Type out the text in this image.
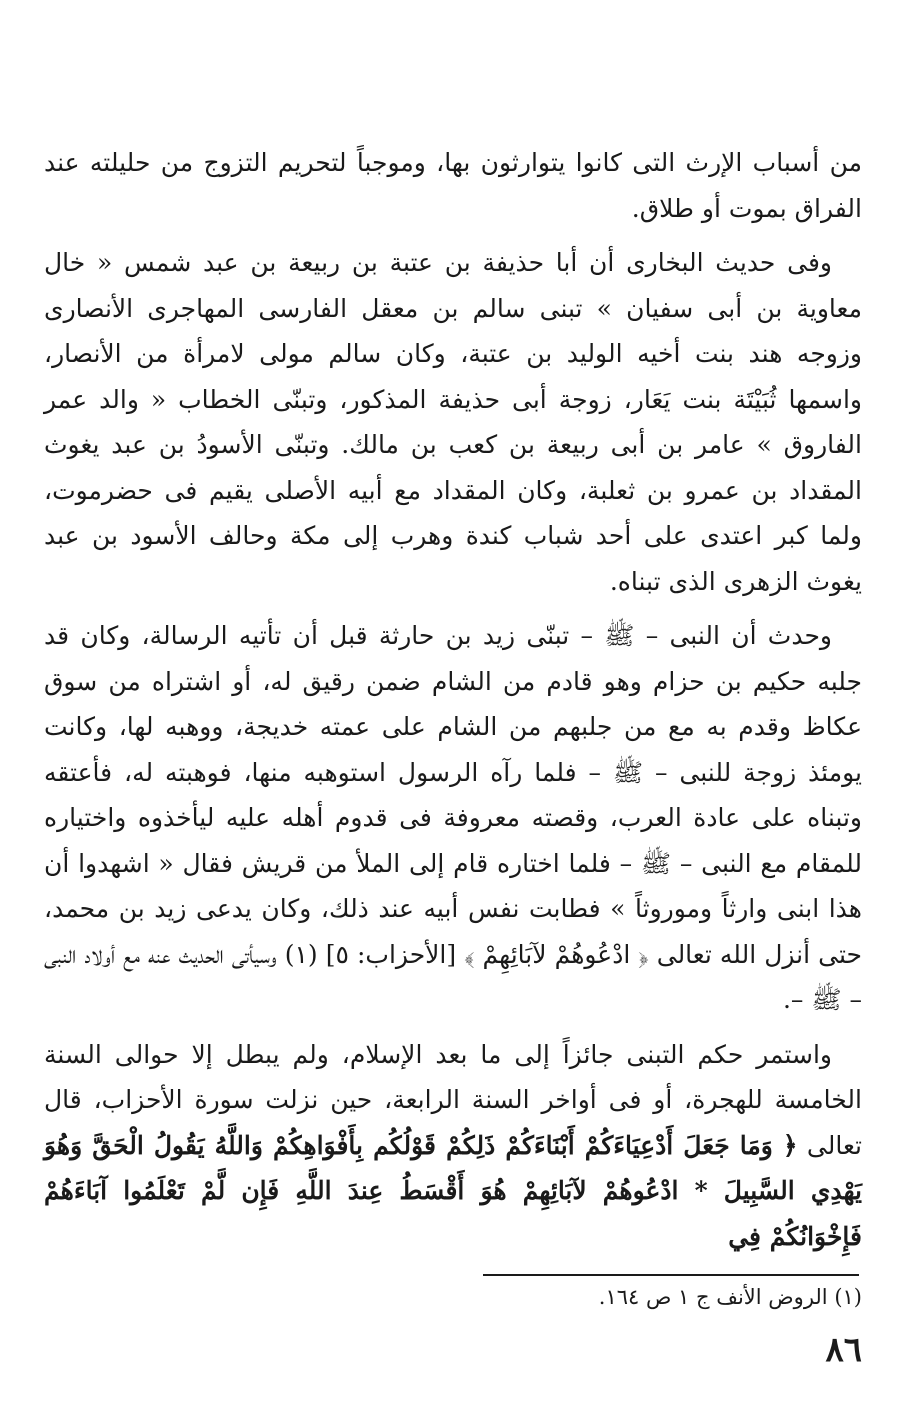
من أسباب الإرث التى كانوا يتوارثون بها، وموجباً لتحريم التزوج من حليلته عند الفراق بموت أو طلاق.

وفى حديث البخارى أن أبا حذيفة بن عتبة بن ربيعة بن عبد شمس « خال معاوية بن أبى سفيان » تبنى سالم بن معقل الفارسى المهاجرى الأنصارى وزوجه هند بنت أخيه الوليد بن عتبة، وكان سالم مولى لامرأة من الأنصار، واسمها ثُبَيْتَة بنت يَعَار، زوجة أبى حذيفة المذكور، وتبنّى الخطاب « والد عمر الفاروق » عامر بن أبى ربيعة بن كعب بن مالك. وتبنّى الأسودُ بن عبد يغوث المقداد بن عمرو بن ثعلبة، وكان المقداد مع أبيه الأصلى يقيم فى حضرموت، ولما كبر اعتدى على أحد شباب كندة وهرب إلى مكة وحالف الأسود بن عبد يغوث الزهرى الذى تبناه.

وحدث أن النبى – ﷺ – تبنّى زيد بن حارثة قبل أن تأتيه الرسالة، وكان قد جلبه حكيم بن حزام وهو قادم من الشام ضمن رقيق له، أو اشتراه من سوق عكاظ وقدم به مع من جلبهم من الشام على عمته خديجة، ووهبه لها، وكانت يومئذ زوجة للنبى – ﷺ – فلما رآه الرسول استوهبه منها، فوهبته له، فأعتقه وتبناه على عادة العرب، وقصته معروفة فى قدوم أهله عليه ليأخذوه واختياره للمقام مع النبى – ﷺ – فلما اختاره قام إلى الملأ من قريش فقال « اشهدوا أن هذا ابنى وارثاً وموروثاً » فطابت نفس أبيه عند ذلك، وكان يدعى زيد بن محمد، حتى أنزل الله تعالى ﴿ ادْعُوهُمْ لآبَائِهِمْ ﴾ [الأحزاب: ٥] (١) وسيأتى الحديث عنه مع أولاد النبى – ﷺ –.

واستمر حكم التبنى جائزاً إلى ما بعد الإسلام، ولم يبطل إلا حوالى السنة الخامسة للهجرة، أو فى أواخر السنة الرابعة، حين نزلت سورة الأحزاب، قال تعالى ﴿ وَمَا جَعَلَ أَدْعِيَاءَكُمْ أَبْنَاءَكُمْ ذَلِكُمْ قَوْلُكُم بِأَفْوَاهِكُمْ وَاللَّهُ يَقُولُ الْحَقَّ وَهُوَ يَهْدِي السَّبِيلَ * ادْعُوهُمْ لآبَائِهِمْ هُوَ أَقْسَطُ عِندَ اللَّهِ فَإِن لَّمْ تَعْلَمُوا آبَاءَهُمْ فَإِخْوَانُكُمْ فِي

(١) الروض الأنف ج ١ ص ١٦٤.

٨٦
